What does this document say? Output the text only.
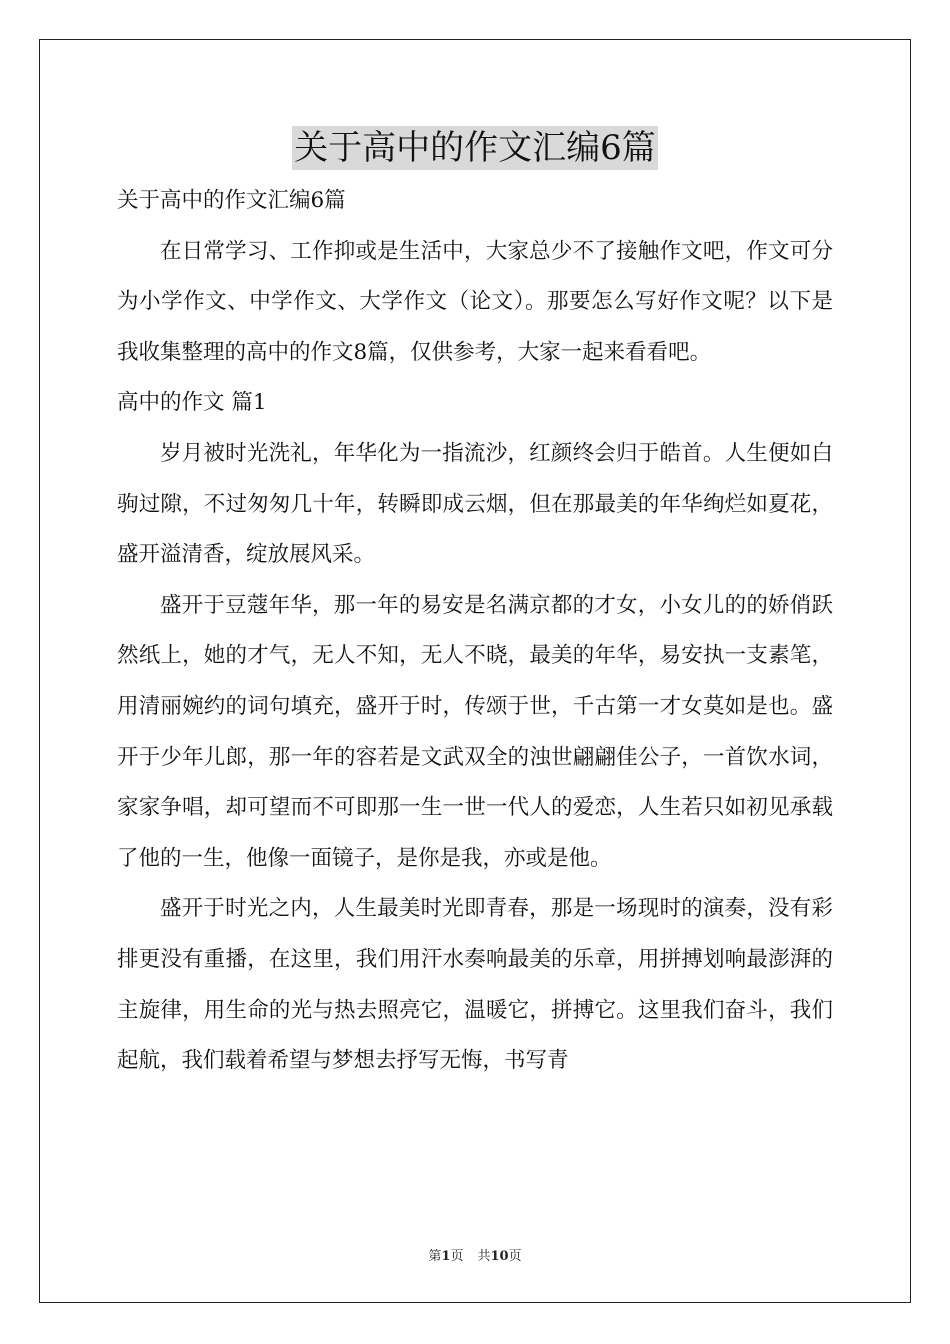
关于高中的作文汇编6篇

关于高中的作文汇编6篇

在日常学习、工作抑或是生活中，大家总少不了接触作文吧，作文可分为小学作文、中学作文、大学作文（论文）。那要怎么写好作文呢？以下是我收集整理的高中的作文8篇，仅供参考，大家一起来看看吧。

高中的作文 篇1

岁月被时光洗礼，年华化为一指流沙，红颜终会归于皓首。人生便如白驹过隙，不过匆匆几十年，转瞬即成云烟，但在那最美的年华绚烂如夏花，盛开溢清香，绽放展风采。

盛开于豆蔻年华，那一年的易安是名满京都的才女，小女儿的的娇俏跃然纸上，她的才气，无人不知，无人不晓，最美的年华，易安执一支素笔，用清丽婉约的词句填充，盛开于时，传颂于世，千古第一才女莫如是也。盛开于少年儿郎，那一年的容若是文武双全的浊世翩翩佳公子，一首饮水词，家家争唱，却可望而不可即那一生一世一代人的爱恋，人生若只如初见承载了他的一生，他像一面镜子，是你是我，亦或是他。

盛开于时光之内，人生最美时光即青春，那是一场现时的演奏，没有彩排更没有重播，在这里，我们用汗水奏响最美的乐章，用拼搏划响最澎湃的主旋律，用生命的光与热去照亮它，温暖它，拼搏它。这里我们奋斗，我们起航，我们载着希望与梦想去抒写无悔，书写青

第1页 共10页
